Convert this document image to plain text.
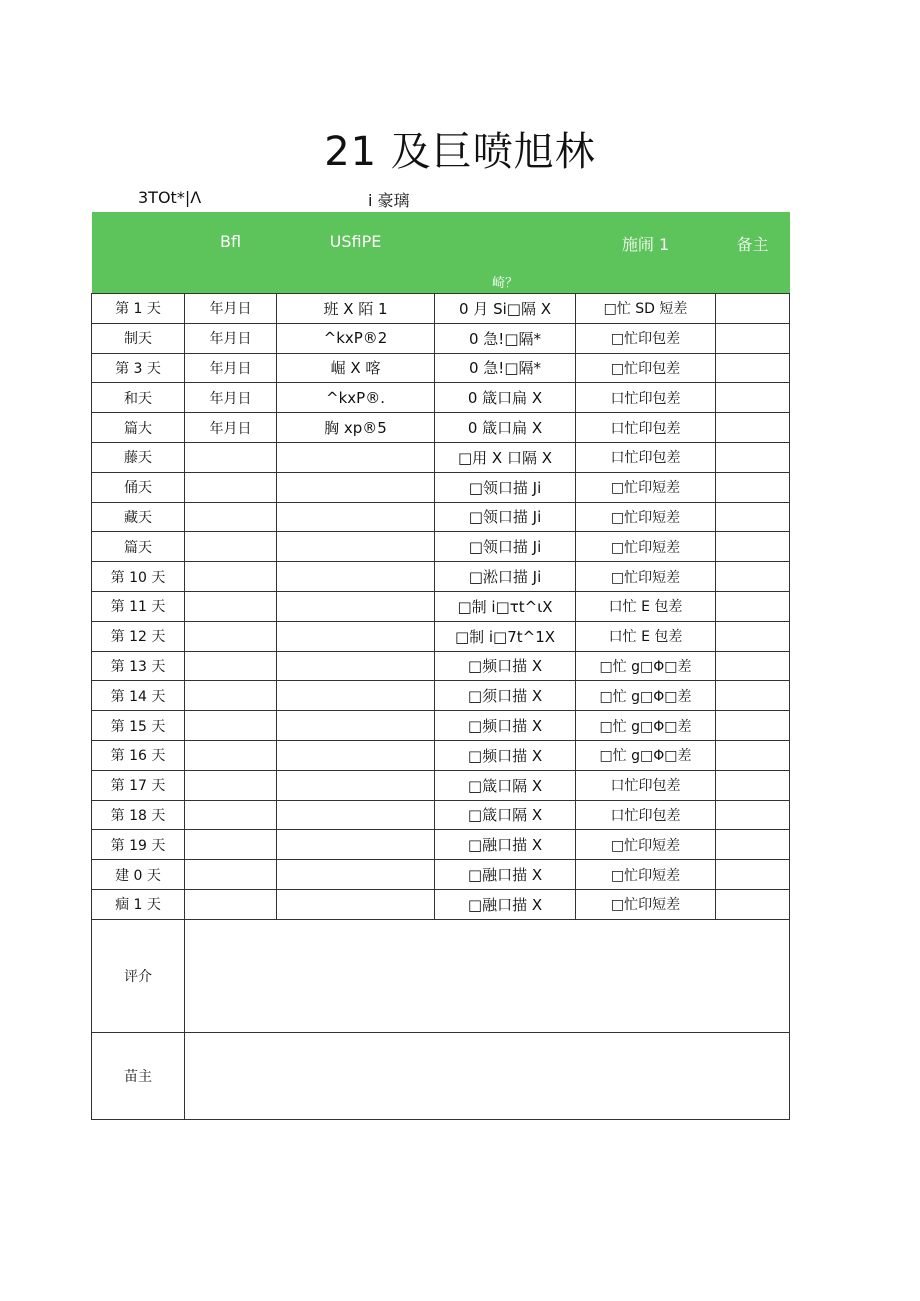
21 及巨喷旭林
3TOt*|Λ	i 豪璃
	Bfl	USfiPE	崎？	施闹 1	备主
第 1 天	年月日	班 X 陌 1	0 月 Si□隔 X	□忙 SD 短差	
制天	年月日	^kxP®2	0 急!□隔*	□忙印包差	
第 3 天	年月日	崛 X 喀	0 急!□隔*	□忙印包差	
和天	年月日	^kxP®.	0 箴口扁 X	口忙印包差	
篇大	年月日	胸 xp®5	0 箴口扁 X	口忙印包差	
藤天			□用 X 口隔 X	口忙印包差	
俑天			□领口描 Ji	□忙印短差	
藏天			□领口描 Ji	□忙印短差	
篇天			□领口描 Ji	□忙印短差	
第 10 天			□淞口描 Ji	□忙印短差	
第 11 天			□制 i□τt^ιX	口忙 E 包差	
第 12 天			□制 i□7t^1X	口忙 E 包差	
第 13 天			□频口描 X	□忙 g□Φ□差	
第 14 天			□须口描 X	□忙 g□Φ□差	
第 15 天			□频口描 X	□忙 g□Φ□差	
第 16 天			□频口描 X	□忙 g□Φ□差	
第 17 天			□箴口隔 X	口忙印包差	
第 18 天			□箴口隔 X	口忙印包差	
第 19 天			□融口描 X	□忙印短差	
建 0 天			□融口描 X	□忙印短差	
痼 1 天			□融口描 X	□忙印短差	
评介					
苗主					
